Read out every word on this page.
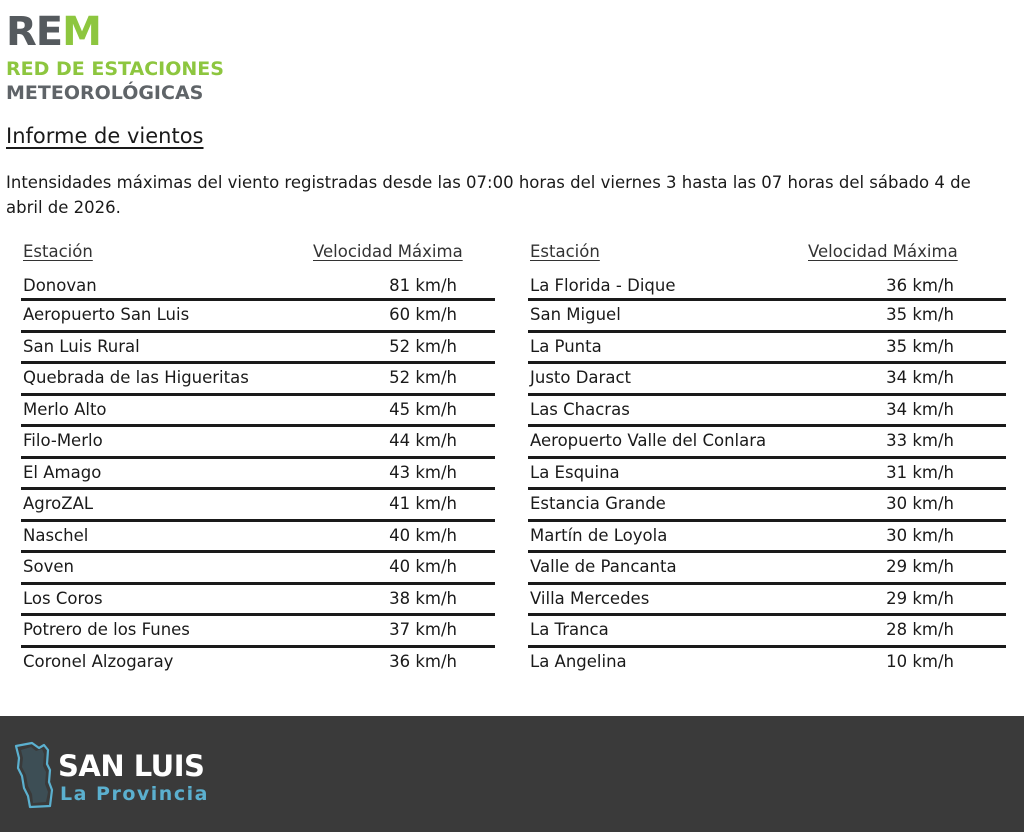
REM
RED DE ESTACIONES
METEOROLÓGICAS
Informe de vientos
Intensidades máximas del viento registradas desde las 07:00 horas del viernes 3 hasta las 07 horas del sábado 4 de abril de 2026.
Estación	Velocidad Máxima
Donovan	81 km/h
Aeropuerto San Luis	60 km/h
San Luis Rural	52 km/h
Quebrada de las Higueritas	52 km/h
Merlo Alto	45 km/h
Filo-Merlo	44 km/h
El Amago	43 km/h
AgroZAL	41 km/h
Naschel	40 km/h
Soven	40 km/h
Los Coros	38 km/h
Potrero de los Funes	37 km/h
Coronel Alzogaray	36 km/h
Estación	Velocidad Máxima
La Florida - Dique	36 km/h
San Miguel	35 km/h
La Punta	35 km/h
Justo Daract	34 km/h
Las Chacras	34 km/h
Aeropuerto Valle del Conlara	33 km/h
La Esquina	31 km/h
Estancia Grande	30 km/h
Martín de Loyola	30 km/h
Valle de Pancanta	29 km/h
Villa Mercedes	29 km/h
La Tranca	28 km/h
La Angelina	10 km/h
SAN LUIS
La Provincia
